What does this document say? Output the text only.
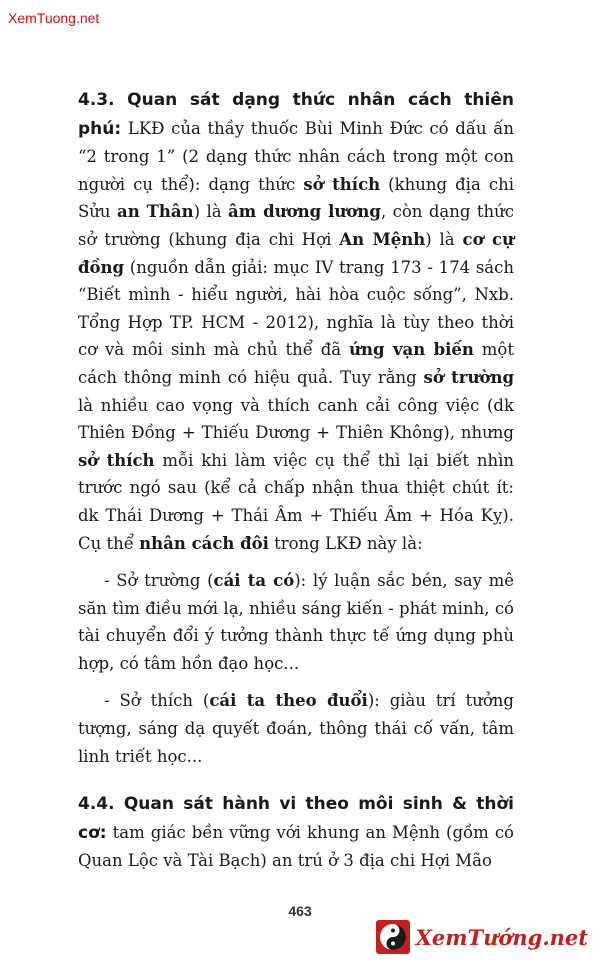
XemTuong.net

4.3. Quan sát dạng thức nhân cách thiên phú: LKĐ của thầy thuốc Bùi Minh Đức có dấu ấn “2 trong 1” (2 dạng thức nhân cách trong một con người cụ thể): dạng thức sở thích (khung địa chi Sửu an Thân) là âm dương lương, còn dạng thức sở trường (khung địa chi Hợi An Mệnh) là cơ cự đồng (nguồn dẫn giải: mục IV trang 173 - 174 sách “Biết mình - hiểu người, hài hòa cuộc sống”, Nxb. Tổng Hợp TP. HCM - 2012), nghĩa là tùy theo thời cơ và môi sinh mà chủ thể đã ứng vạn biến một cách thông minh có hiệu quả. Tuy rằng sở trường là nhiều cao vọng và thích canh cải công việc (dk Thiên Đồng + Thiếu Dương + Thiên Không), nhưng sở thích mỗi khi làm việc cụ thể thì lại biết nhìn trước ngó sau (kể cả chấp nhận thua thiệt chút ít: dk Thái Dương + Thái Âm + Thiếu Âm + Hóa Kỵ). Cụ thể nhân cách đôi trong LKĐ này là:

- Sở trường (cái ta có): lý luận sắc bén, say mê săn tìm điều mới lạ, nhiều sáng kiến - phát minh, có tài chuyển đổi ý tưởng thành thực tế ứng dụng phù hợp, có tâm hồn đạo học...

- Sở thích (cái ta theo đuổi): giàu trí tưởng tượng, sáng dạ quyết đoán, thông thái cố vấn, tâm linh triết học...

4.4. Quan sát hành vi theo môi sinh & thời cơ: tam giác bền vững với khung an Mệnh (gồm có Quan Lộc và Tài Bạch) an trú ở 3 địa chi Hợi Mão

463
XemTướng.net
